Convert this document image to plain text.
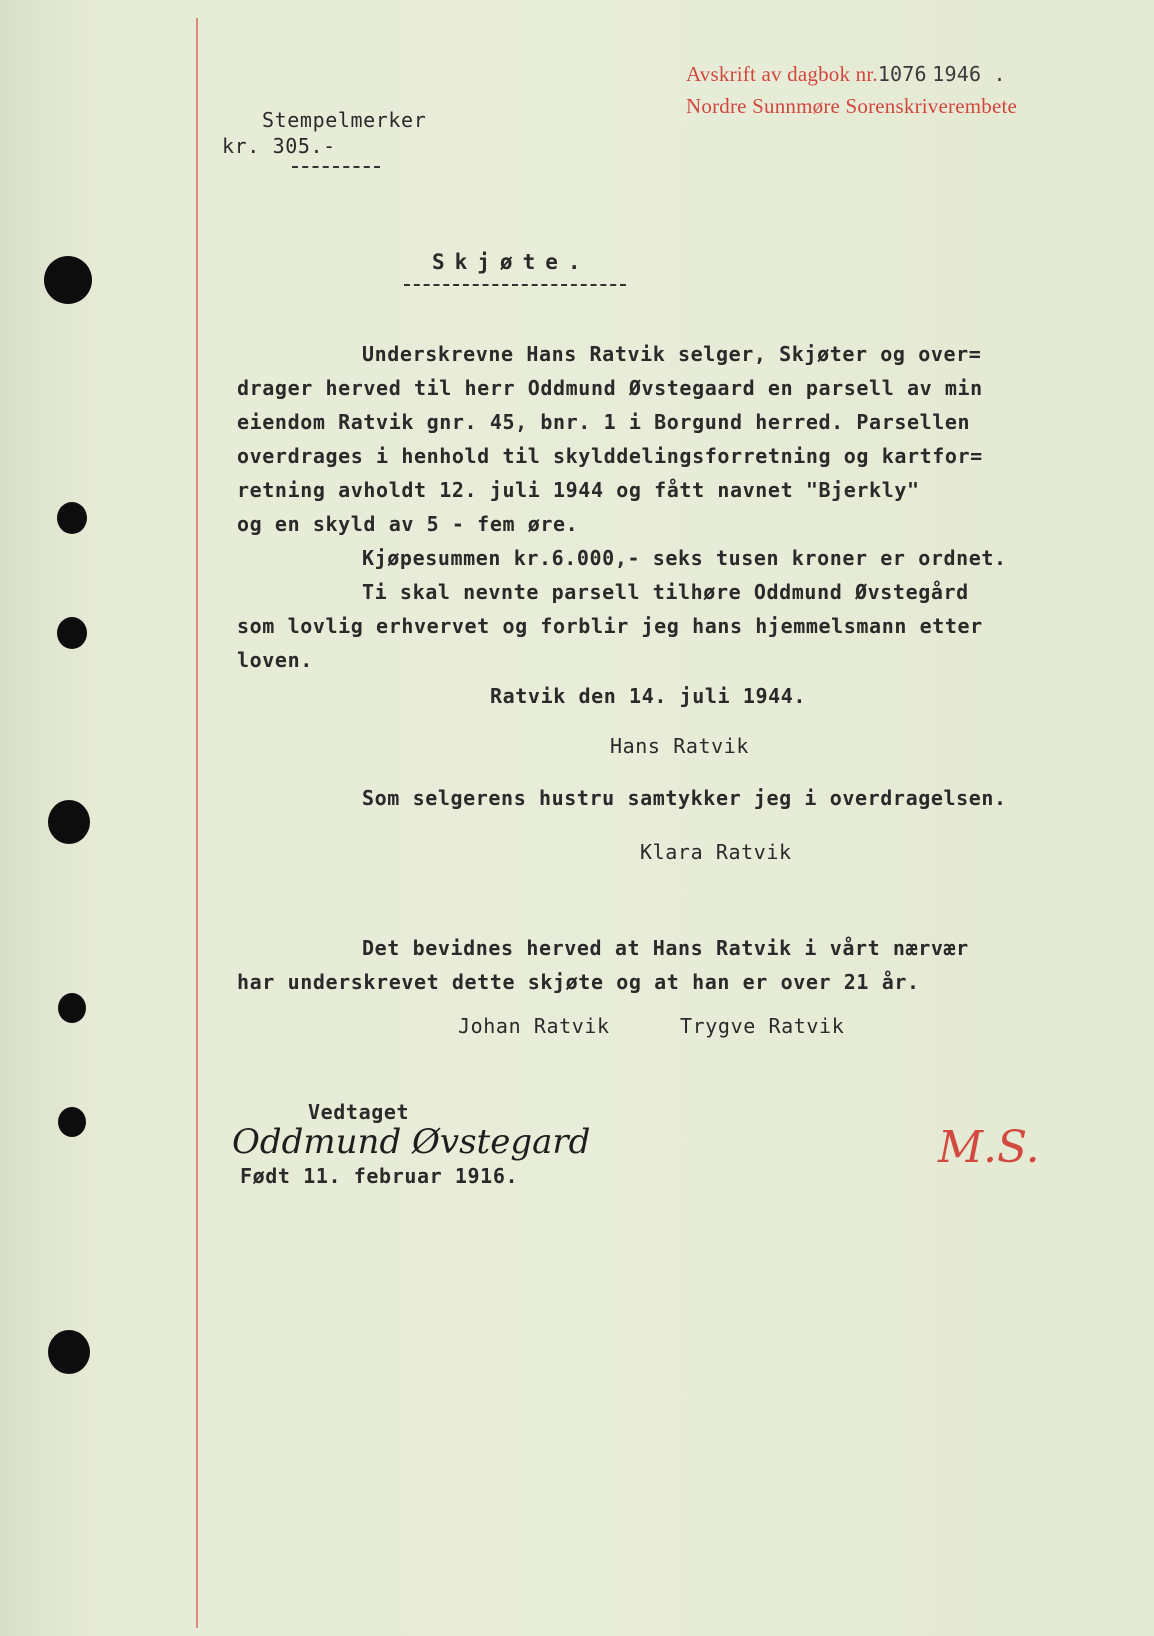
Avskrift av dagbok nr.1076 1946 .
Nordre Sunnmøre Sorenskriverembete
Stempelmerker
kr. 305.-
Skjøte.
Underskrevne Hans Ratvik selger, Skjøter og over=
drager herved til herr Oddmund Øvstegaard en parsell av min
eiendom Ratvik gnr. 45, bnr. 1 i Borgund herred. Parsellen
overdrages i henhold til skylddelingsforretning og kartfor=
retning avholdt 12. juli 1944 og fått navnet "Bjerkly"
og en skyld av 5 - fem øre.
Kjøpesummen kr.6.000,- seks tusen kroner er ordnet.
Ti skal nevnte parsell tilhøre Oddmund Øvstegård
som lovlig erhvervet og forblir jeg hans hjemmelsmann etter
loven.
Ratvik den 14. juli 1944.
Hans Ratvik
Som selgerens hustru samtykker jeg i overdragelsen.
Klara Ratvik
Det bevidnes herved at Hans Ratvik i vårt nærvær
har underskrevet dette skjøte og at han er over 21 år.
Johan Ratvik	Trygve Ratvik
Vedtaget
Oddmund Øvstegard
Født 11. februar 1916.
M.S.
